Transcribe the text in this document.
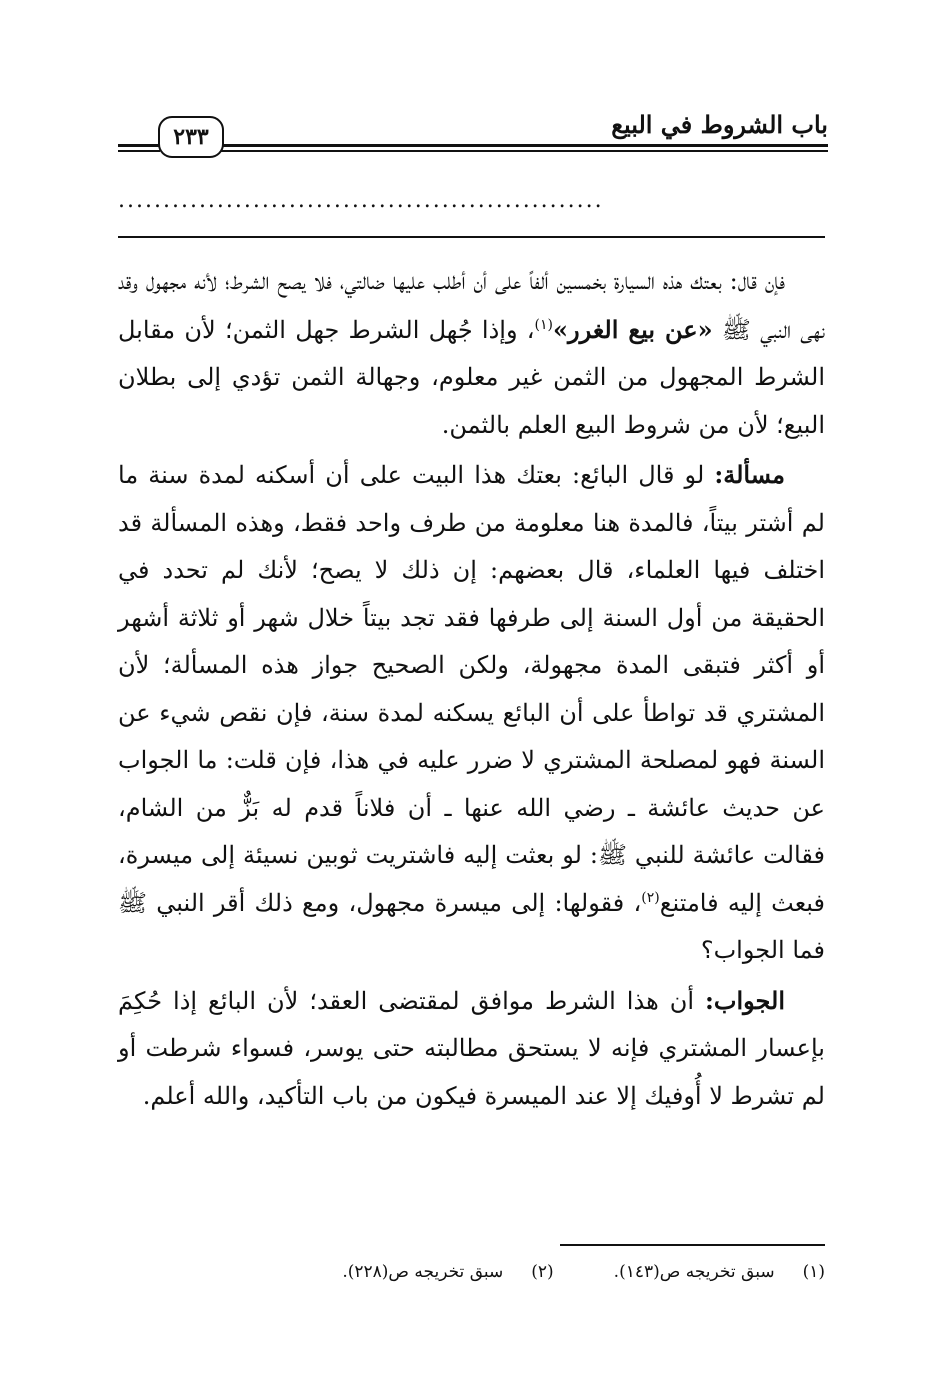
باب الشروط في البيع
٢٣٣
......................................................

فإن قال: بعتك هذه السيارة بخمسين ألفاً على أن أطلب عليها ضالتي، فلا يصح الشرط؛ لأنه مجهول وقد نهى النبي ﷺ «عن بيع الغرر»$^{(١)}$، وإذا جُهل الشرط جهل الثمن؛ لأن مقابل الشرط المجهول من الثمن غير معلوم، وجهالة الثمن تؤدي إلى بطلان البيع؛ لأن من شروط البيع العلم بالثمن.

مسألة: لو قال البائع: بعتك هذا البيت على أن أسكنه لمدة سنة ما لم أشتر بيتاً، فالمدة هنا معلومة من طرف واحد فقط، وهذه المسألة قد اختلف فيها العلماء، قال بعضهم: إن ذلك لا يصح؛ لأنك لم تحدد في الحقيقة من أول السنة إلى طرفها فقد تجد بيتاً خلال شهر أو ثلاثة أشهر أو أكثر فتبقى المدة مجهولة، ولكن الصحيح جواز هذه المسألة؛ لأن المشتري قد تواطأ على أن البائع يسكنه لمدة سنة، فإن نقص شيء عن السنة فهو لمصلحة المشتري لا ضرر عليه في هذا، فإن قلت: ما الجواب عن حديث عائشة ـ رضي الله عنها ـ أن فلاناً قدم له بَزٌّ من الشام، فقالت عائشة للنبي ﷺ: لو بعثت إليه فاشتريت ثوبين نسيئة إلى ميسرة، فبعث إليه فامتنع$^{(٢)}$، فقولها: إلى ميسرة مجهول، ومع ذلك أقر النبي ﷺ فما الجواب؟

الجواب: أن هذا الشرط موافق لمقتضى العقد؛ لأن البائع إذا حُكِمَ بإعسار المشتري فإنه لا يستحق مطالبته حتى يوسر، فسواء شرطت أو لم تشرط لا أُوفيك إلا عند الميسرة فيكون من باب التأكيد، والله أعلم.

(١)سبق تخريجه ص(١٤٣).
(٢)سبق تخريجه ص(٢٢٨).
